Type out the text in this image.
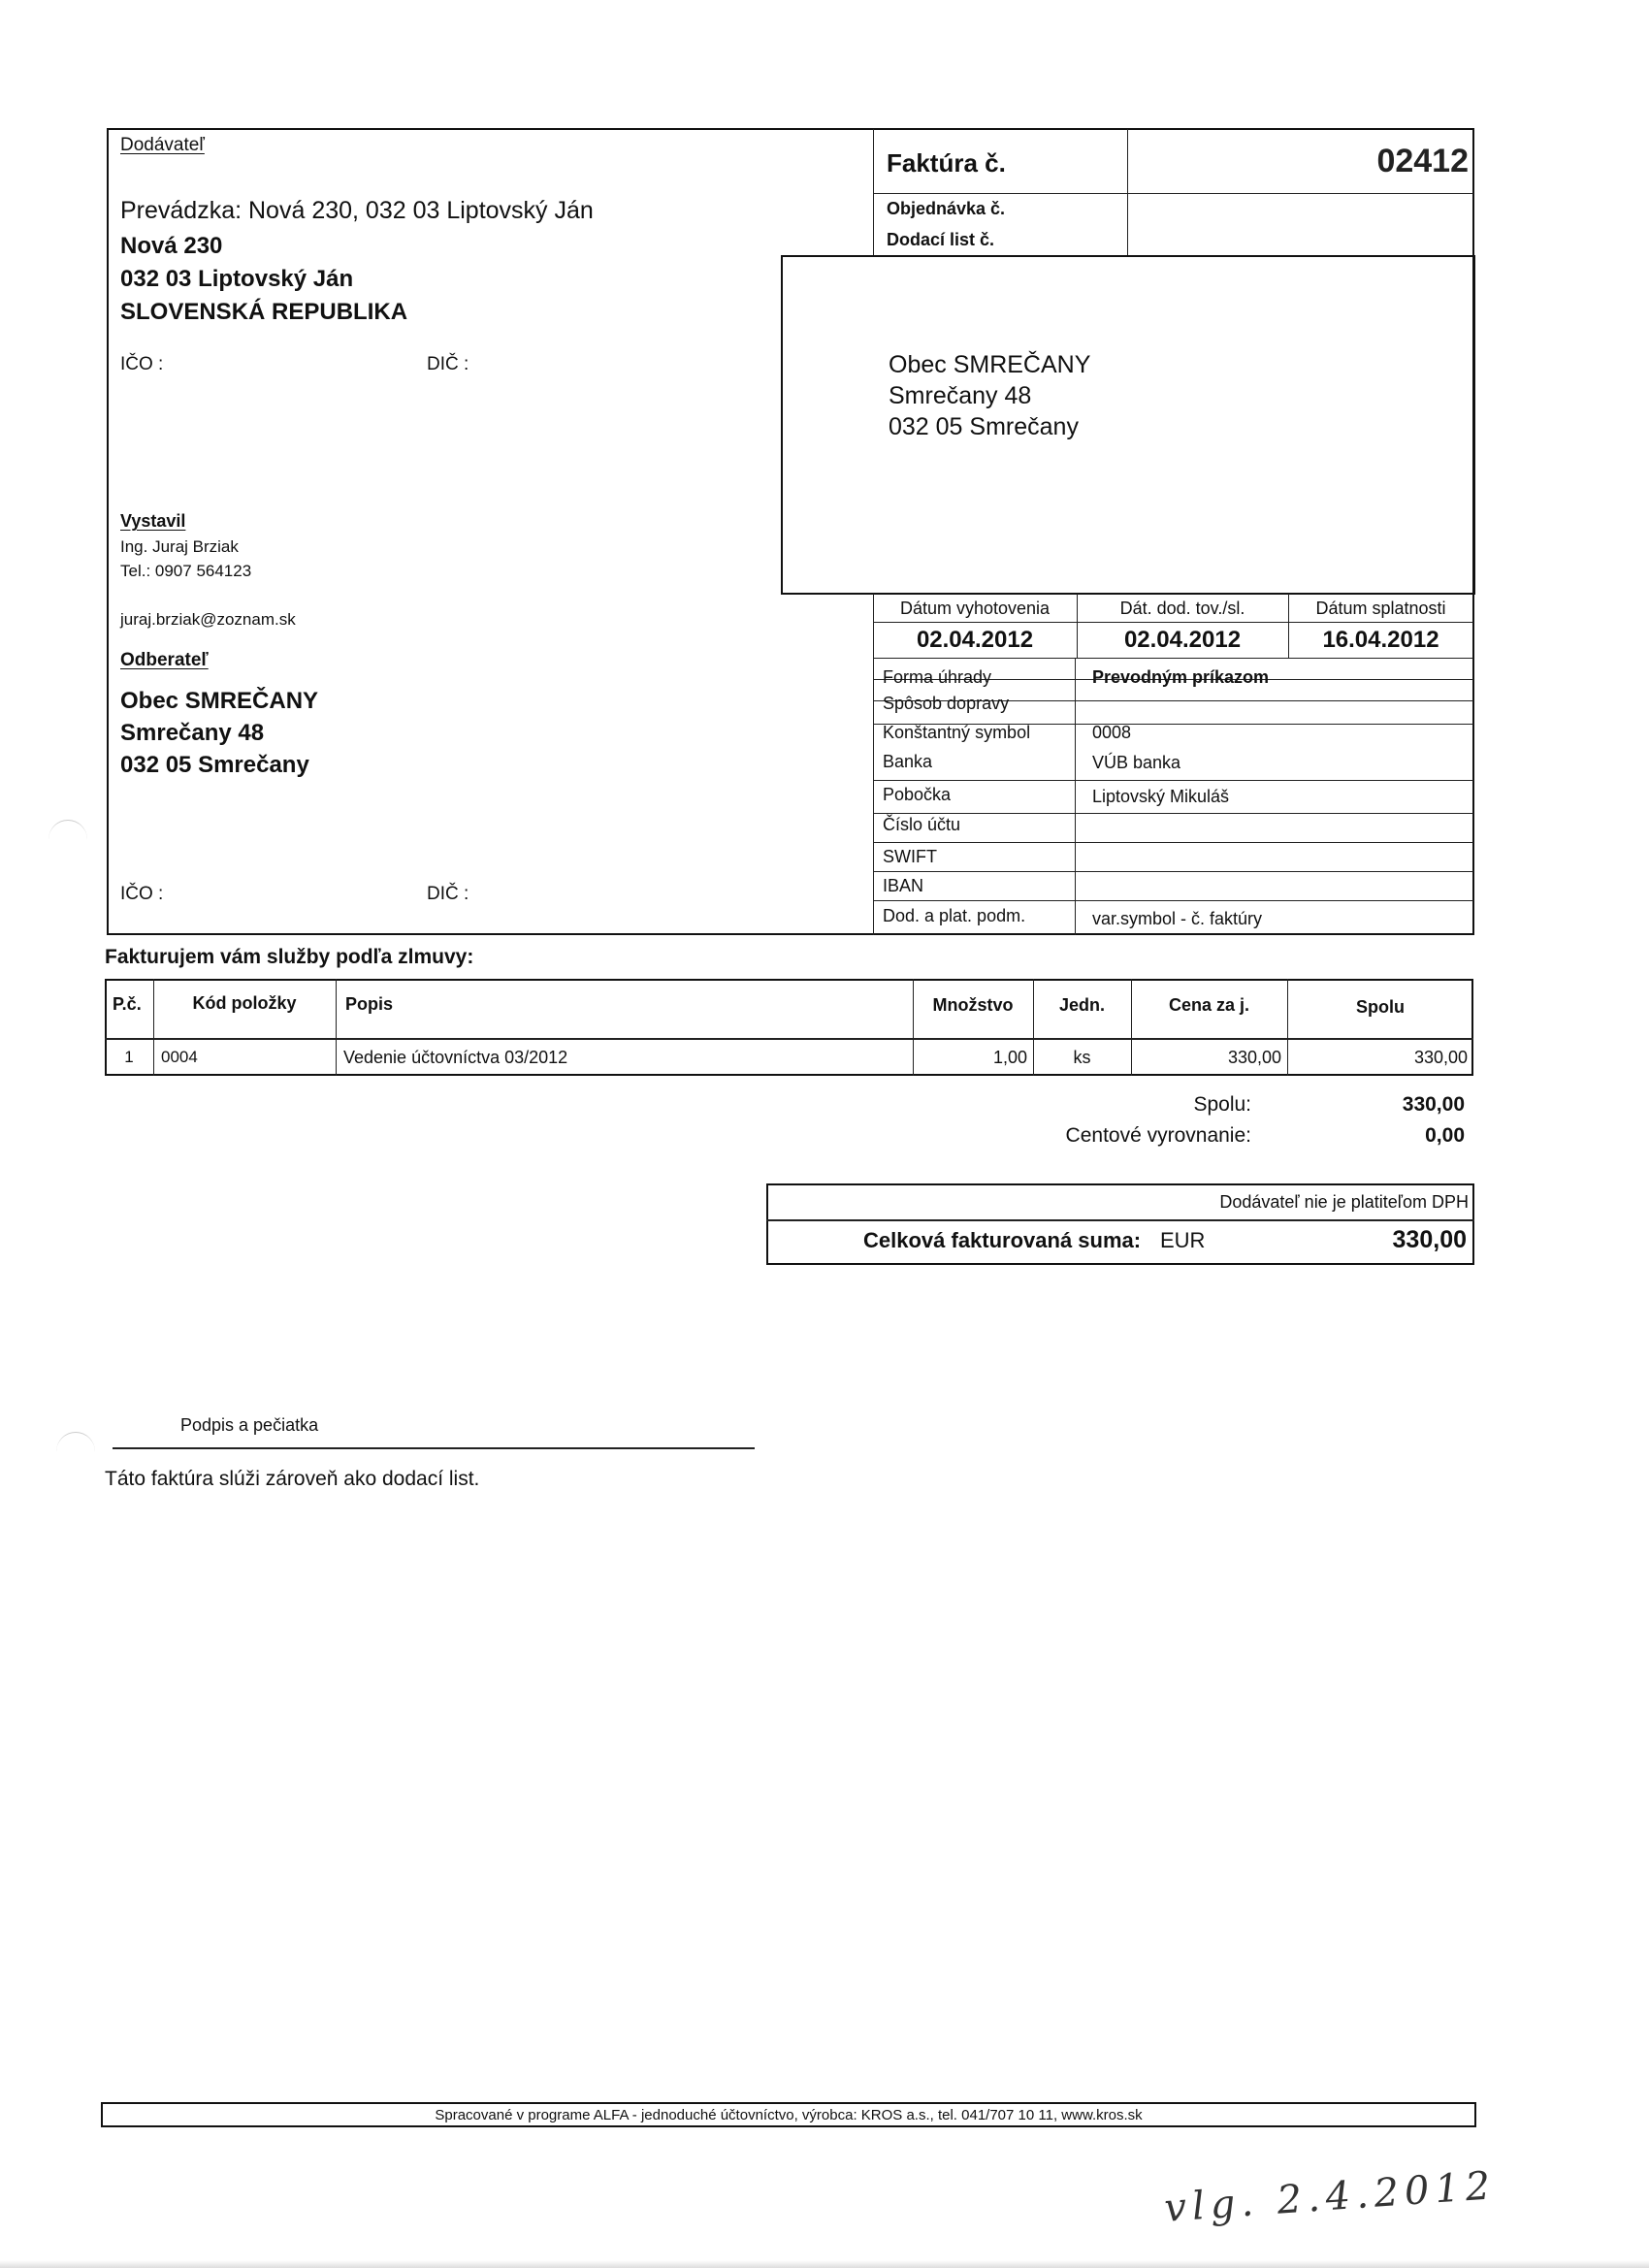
Dodávateľ
Prevádzka: Nová 230, 032 03 Liptovský Ján
Nová 230
032 03 Liptovský Ján
SLOVENSKÁ REPUBLIKA
IČO :	DIČ :
Vystavil
Ing. Juraj Brziak
Tel.: 0907 564123
juraj.brziak@zoznam.sk
Odberateľ
Obec SMREČANY
Smrečany 48
032 05 Smrečany
IČO :	DIČ :
Faktúra č.	02412
Objednávka č.
Dodací list č.
Obec SMREČANY
Smrečany 48
032 05 Smrečany
Dátum vyhotovenia	Dát. dod. tov./sl.	Dátum splatnosti
02.04.2012	02.04.2012	16.04.2012
Forma úhrady	Prevodným príkazom
Spôsob dopravy
Konštantný symbol	0008
Banka	VÚB banka
Pobočka	Liptovský Mikuláš
Číslo účtu
SWIFT
IBAN
Dod. a plat. podm.	var.symbol - č. faktúry
Fakturujem vám služby podľa zlmuvy:
P.č.	Kód položky	Popis	Množstvo	Jedn.	Cena za j.	Spolu
1	0004	Vedenie účtovníctva 03/2012	1,00	ks	330,00	330,00
Spolu:	330,00
Centové vyrovnanie:	0,00
Dodávateľ nie je platiteľom DPH
Celková fakturovaná suma: EUR	330,00
Podpis a pečiatka
Táto faktúra slúži zároveň ako dodací list.
Spracované v programe ALFA - jednoduché účtovníctvo, výrobca: KROS a.s., tel. 041/707 10 11, www.kros.sk
vlg. 2.4.2012
